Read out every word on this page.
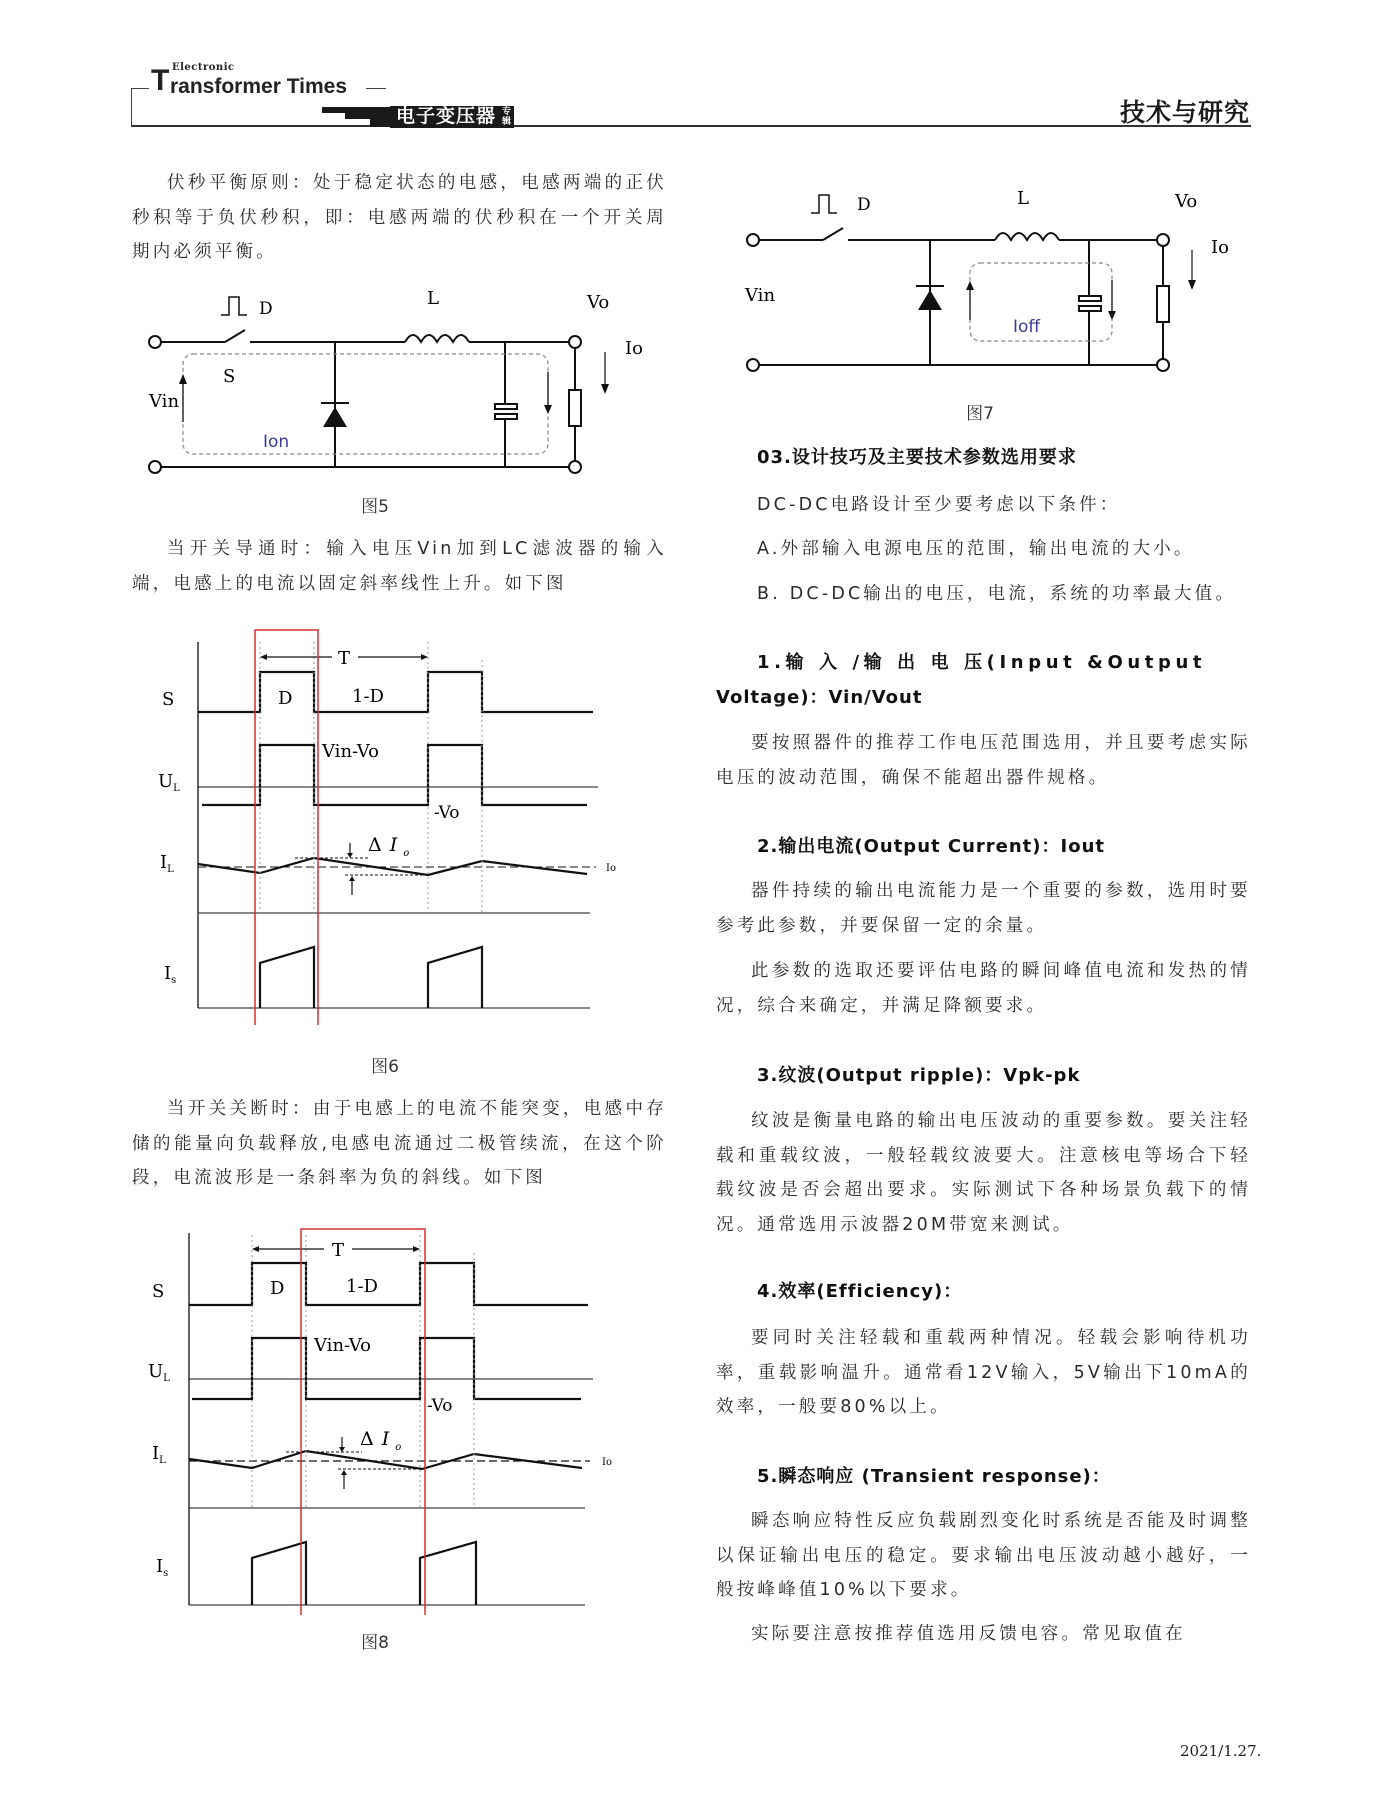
T Electronic
ransformer Times
电子变压器 专辑	技术与研究
伏秒平衡原则：处于稳定状态的电感，电感两端的正伏秒积等于负伏秒积，即：电感两端的伏秒积在一个开关周期内必须平衡。
D	L	Vo
Io
S
Vin
Ion
图5
当开关导通时：输入电压Vin加到LC滤波器的输入端，电感上的电流以固定斜率线性上升。如下图
S
$U_L$
$I_L$
$I_s$
T
D	1-D
Vin-Vo
-Vo
Δ I $_o$
Io
图6
当开关关断时：由于电感上的电流不能突变，电感中存储的能量向负载释放,电感电流通过二极管续流，在这个阶段，电流波形是一条斜率为负的斜线。如下图
S
$U_L$
$I_L$
$I_s$
T
D	1-D
Vin-Vo
-Vo
Δ I $_o$
Io
图8
D	L	Vo
Io
Vin
Ioff
图7
03.设计技巧及主要技术参数选用要求
DC-DC电路设计至少要考虑以下条件：
A.外部输入电源电压的范围，输出电流的大小。
B. DC-DC输出的电压，电流，系统的功率最大值。
1.输 入 /输 出 电 压(Input &Output
Voltage)：Vin/Vout
要按照器件的推荐工作电压范围选用，并且要考虑实际电压的波动范围，确保不能超出器件规格。
2.输出电流(Output Current)：Iout
器件持续的输出电流能力是一个重要的参数，选用时要参考此参数，并要保留一定的余量。
此参数的选取还要评估电路的瞬间峰值电流和发热的情况，综合来确定，并满足降额要求。
3.纹波(Output ripple)：Vpk-pk
纹波是衡量电路的输出电压波动的重要参数。要关注轻载和重载纹波，一般轻载纹波要大。注意核电等场合下轻载纹波是否会超出要求。实际测试下各种场景负载下的情况。通常选用示波器20M带宽来测试。
4.效率(Efficiency)：
要同时关注轻载和重载两种情况。轻载会影响待机功率，重载影响温升。通常看12V输入，5V输出下10mA的效率，一般要80%以上。
5.瞬态响应 (Transient response)：
瞬态响应特性反应负载剧烈变化时系统是否能及时调整以保证输出电压的稳定。要求输出电压波动越小越好，一般按峰峰值10%以下要求。
实际要注意按推荐值选用反馈电容。常见取值在
2021/1.27.
